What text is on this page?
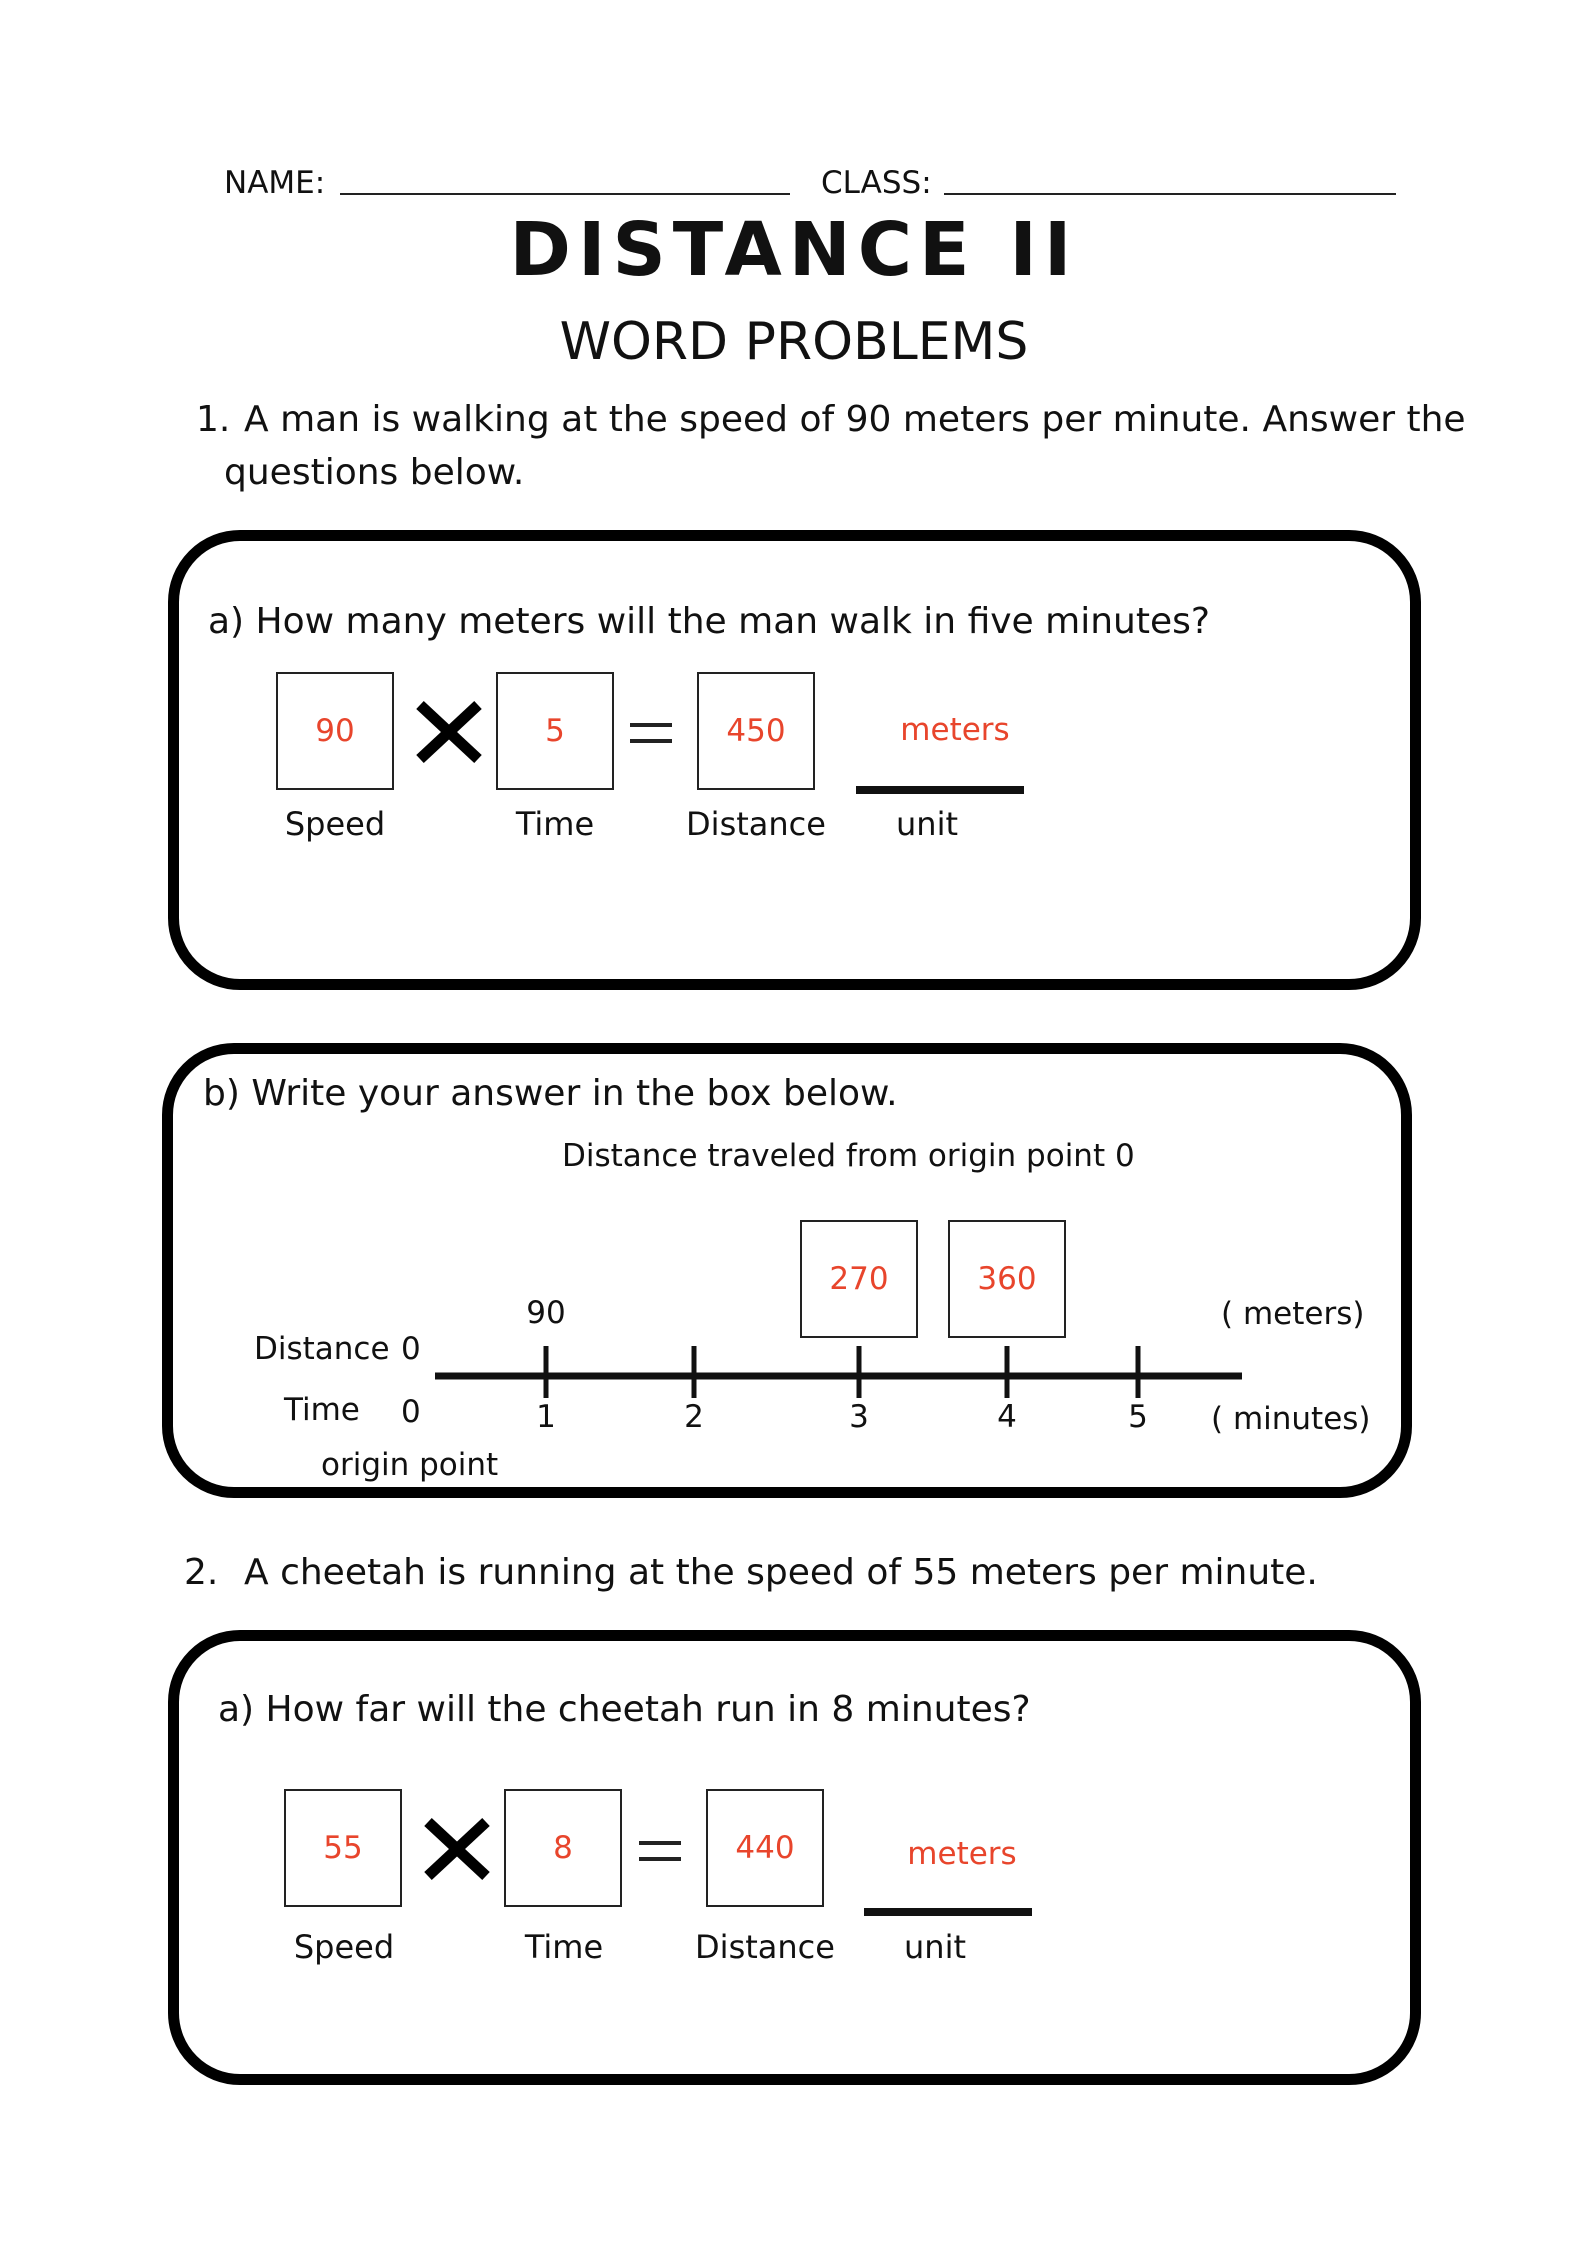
NAME:	CLASS:
DISTANCE II
WORD PROBLEMS
1. A man is walking at the speed of 90 meters per minute. Answer the
questions below.
a) How many meters will the man walk in five minutes?
90	5	450	meters
Speed	Time	Distance	unit
b) Write your answer in the box below.
Distance traveled from origin point 0
Distance 0
Time 0
origin point
( meters)
( minutes)
1
90
2	3
270
4
360
5
2. A cheetah is running at the speed of 55 meters per minute.
a) How far will the cheetah run in 8 minutes?
55	8	440	meters
Speed	Time	Distance	unit
